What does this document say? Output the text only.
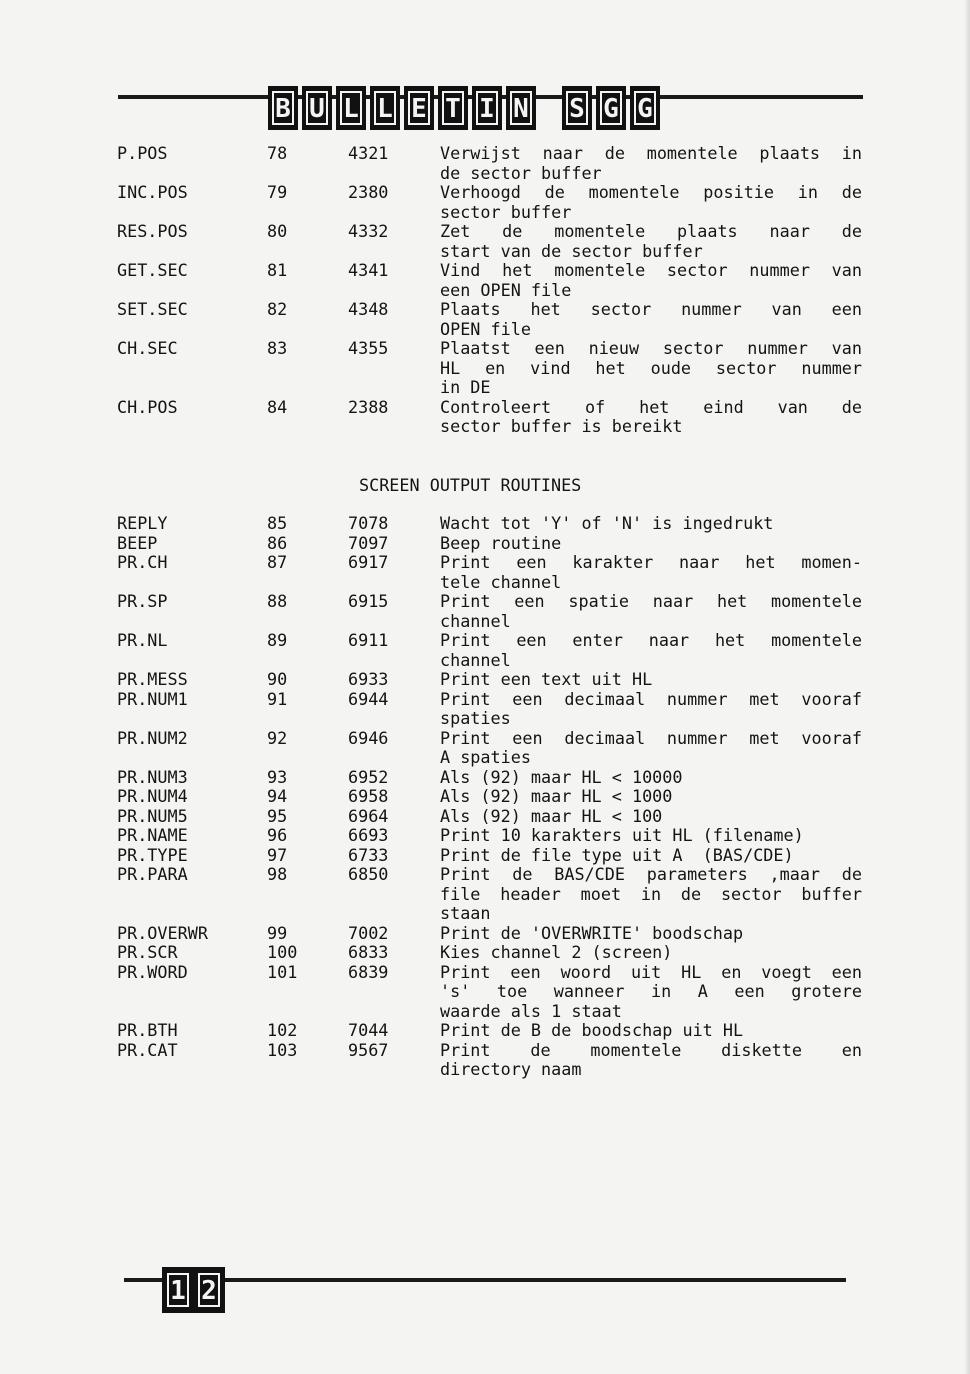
B U L L E T I N S G G
P.POS	78	4321	Verwijst naar de momentele plaats in
de sector buffer
INC.POS	79	2380	Verhoogd de momentele positie in de
sector buffer
RES.POS	80	4332	Zet de momentele plaats naar de
start van de sector buffer
GET.SEC	81	4341	Vind het momentele sector nummer van
een OPEN file
SET.SEC	82	4348	Plaats het sector nummer van een
OPEN file
CH.SEC	83	4355	Plaatst een nieuw sector nummer van
HL en vind het oude sector nummer
in DE
CH.POS	84	2388	Controleert of het eind van de
sector buffer is bereikt
SCREEN OUTPUT ROUTINES
REPLY	85	7078	Wacht tot 'Y' of 'N' is ingedrukt
BEEP	86	7097	Beep routine
PR.CH	87	6917	Print een karakter naar het momen-
tele channel
PR.SP	88	6915	Print een spatie naar het momentele
channel
PR.NL	89	6911	Print een enter naar het momentele
channel
PR.MESS	90	6933	Print een text uit HL
PR.NUM1	91	6944	Print een decimaal nummer met vooraf
spaties
PR.NUM2	92	6946	Print een decimaal nummer met vooraf
A spaties
PR.NUM3	93	6952	Als (92) maar HL < 10000
PR.NUM4	94	6958	Als (92) maar HL < 1000
PR.NUM5	95	6964	Als (92) maar HL < 100
PR.NAME	96	6693	Print 10 karakters uit HL (filename)
PR.TYPE	97	6733	Print de file type uit A  (BAS/CDE)
PR.PARA	98	6850	Print de BAS/CDE parameters ,maar de
file header moet in de sector buffer
staan
PR.OVERWR	99	7002	Print de 'OVERWRITE' boodschap
PR.SCR	100	6833	Kies channel 2 (screen)
PR.WORD	101	6839	Print een woord uit HL en voegt een
's' toe wanneer in A een grotere
waarde als 1 staat
PR.BTH	102	7044	Print de B de boodschap uit HL
PR.CAT	103	9567	Print de momentele diskette en
directory naam
1 2
